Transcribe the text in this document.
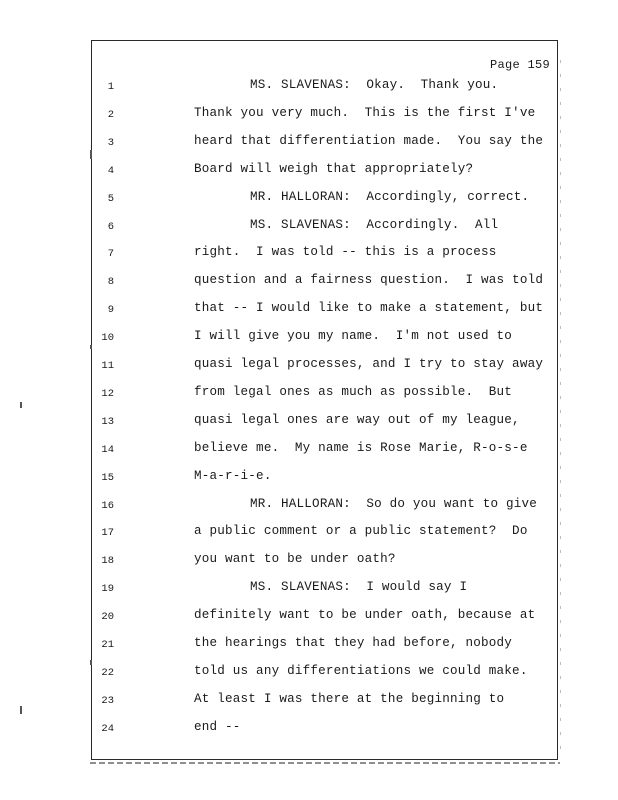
Page 159
1	MS. SLAVENAS:  Okay.  Thank you.
2	Thank you very much.  This is the first I've
3	heard that differentiation made.  You say the
4	Board will weigh that appropriately?
5	MR. HALLORAN:  Accordingly, correct.
6	MS. SLAVENAS:  Accordingly.  All
7	right.  I was told -- this is a process
8	question and a fairness question.  I was told
9	that -- I would like to make a statement, but
10	I will give you my name.  I'm not used to
11	quasi legal processes, and I try to stay away
12	from legal ones as much as possible.  But
13	quasi legal ones are way out of my league,
14	believe me.  My name is Rose Marie, R-o-s-e
15	M-a-r-i-e.
16	MR. HALLORAN:  So do you want to give
17	a public comment or a public statement?  Do
18	you want to be under oath?
19	MS. SLAVENAS:  I would say I
20	definitely want to be under oath, because at
21	the hearings that they had before, nobody
22	told us any differentiations we could make.
23	At least I was there at the beginning to
24	end --
